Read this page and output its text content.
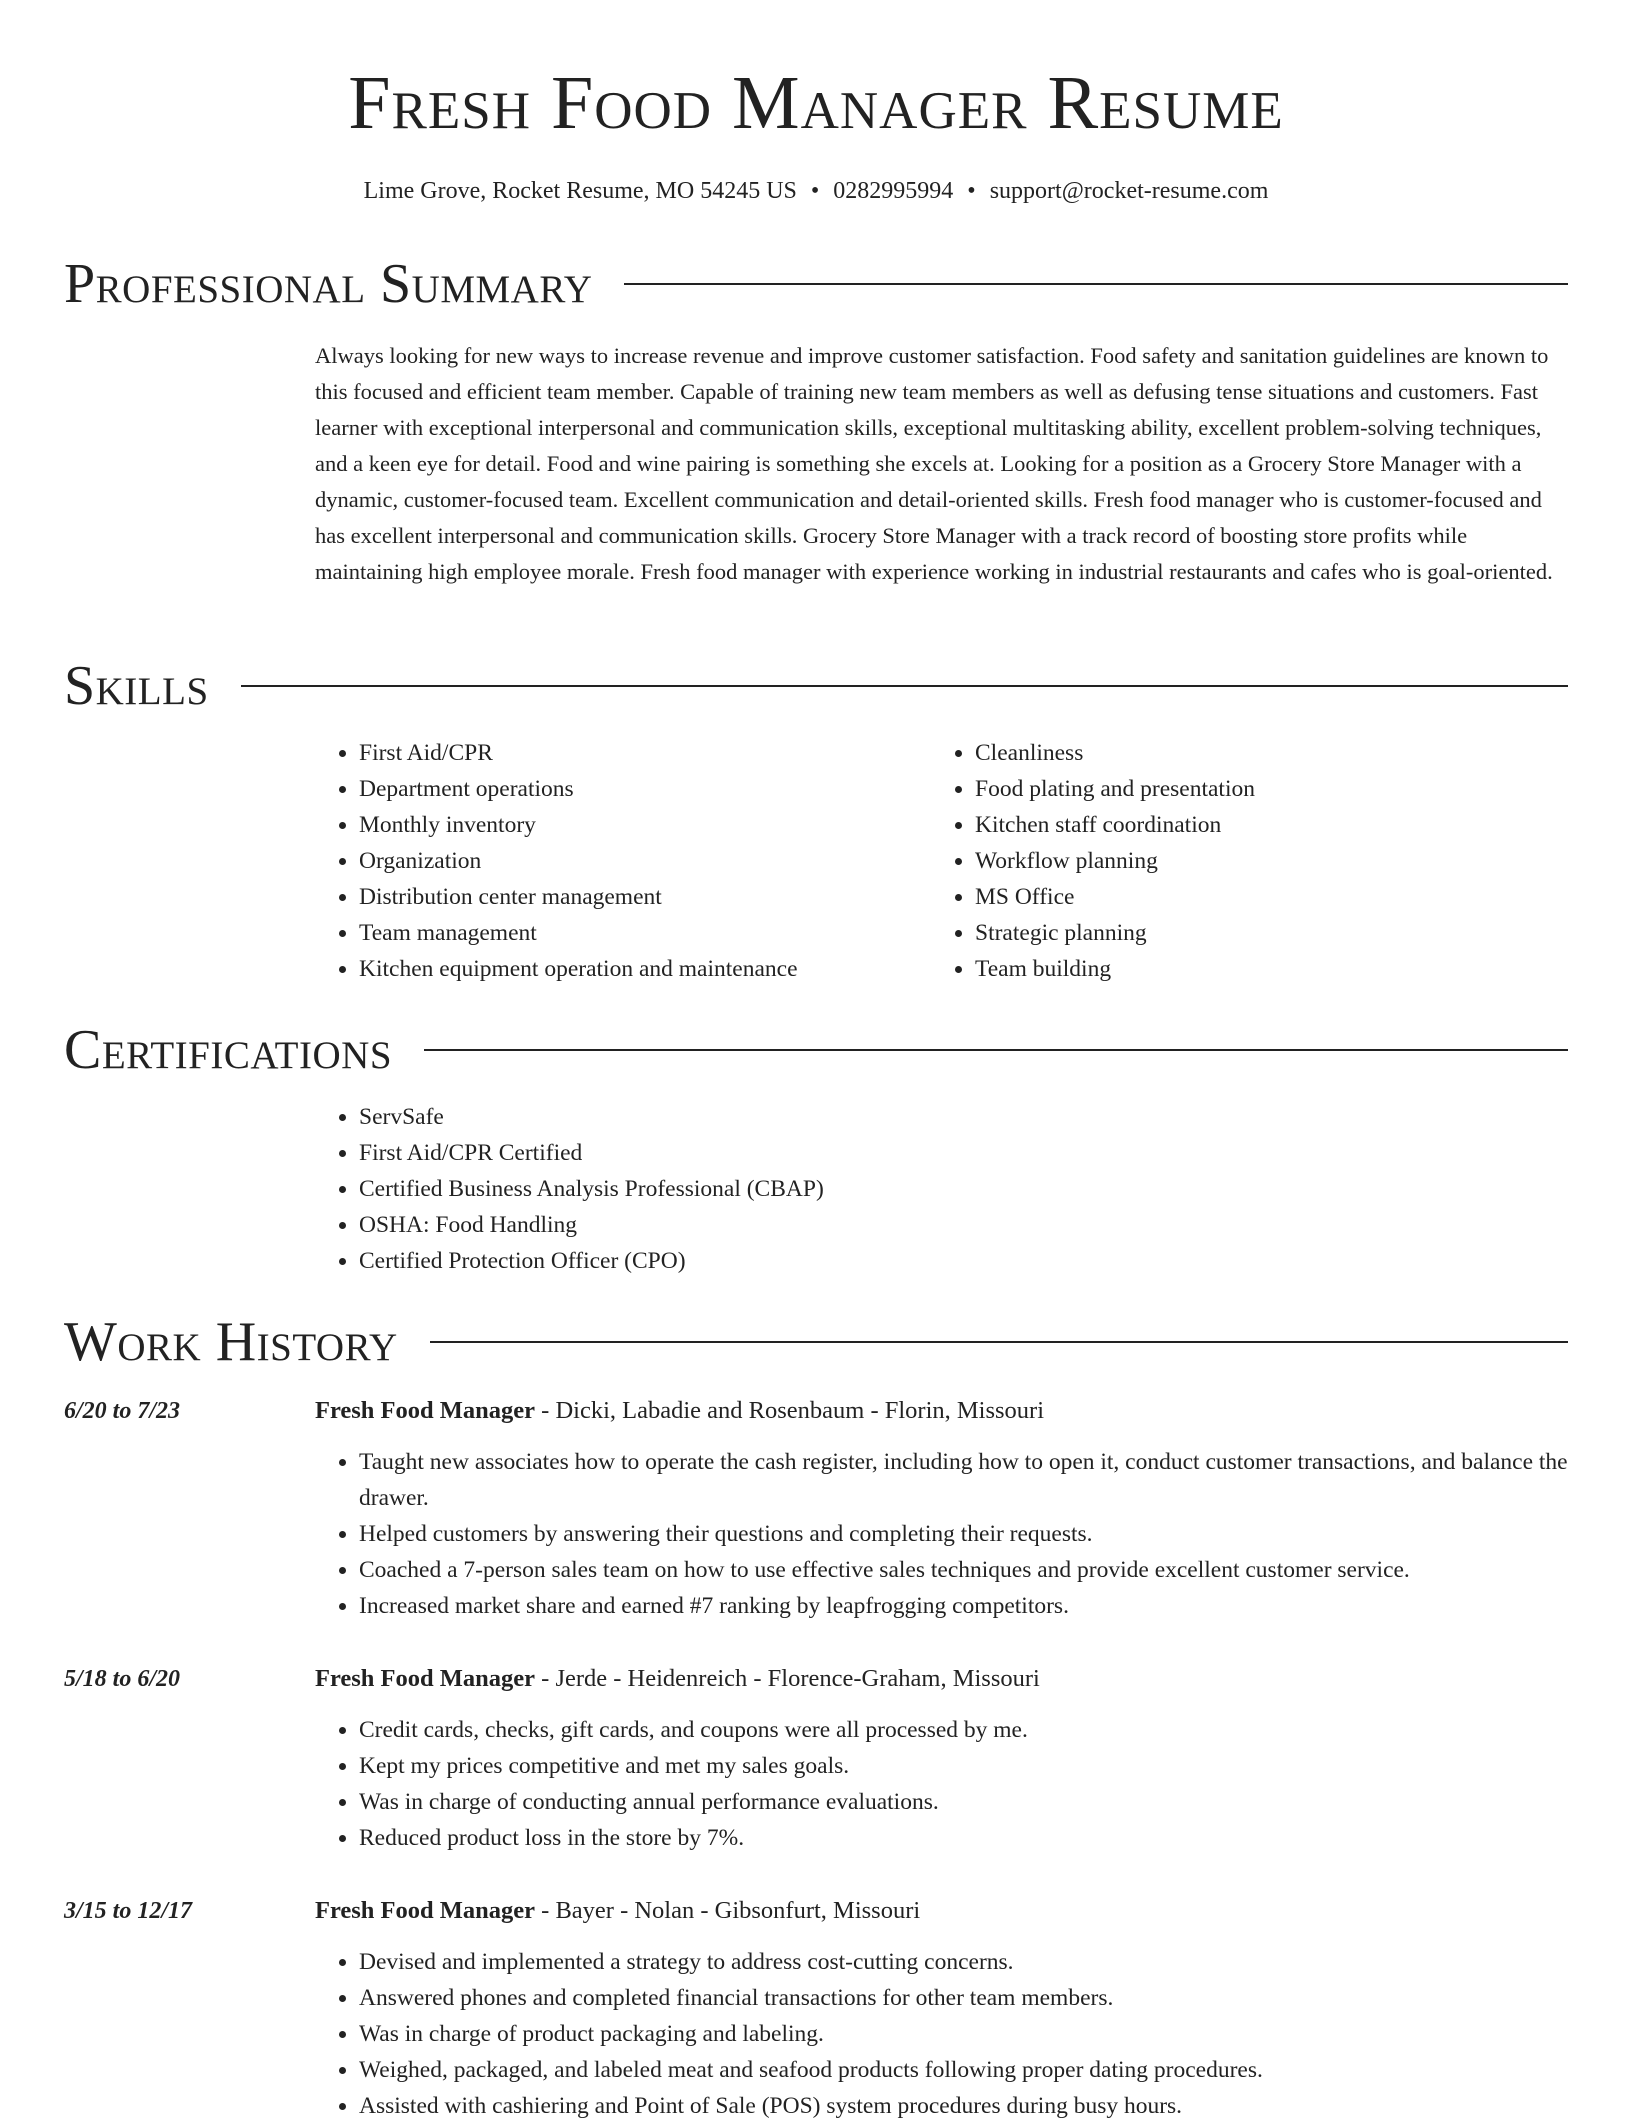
Fresh Food Manager Resume
Lime Grove, Rocket Resume, MO 54245 US • 0282995994 • support@rocket-resume.com
Professional Summary

Always looking for new ways to increase revenue and improve customer satisfaction. Food safety and sanitation guidelines are known to this focused and efficient team member. Capable of training new team members as well as defusing tense situations and customers. Fast learner with exceptional interpersonal and communication skills, exceptional multitasking ability, excellent problem-solving techniques, and a keen eye for detail. Food and wine pairing is something she excels at. Looking for a position as a Grocery Store Manager with a dynamic, customer-focused team. Excellent communication and detail-oriented skills. Fresh food manager who is customer-focused and has excellent interpersonal and communication skills. Grocery Store Manager with a track record of boosting store profits while maintaining high employee morale. Fresh food manager with experience working in industrial restaurants and cafes who is goal-oriented.

Skills
• First Aid/CPR
• Department operations
• Monthly inventory
• Organization
• Distribution center management
• Team management
• Kitchen equipment operation and maintenance
• Cleanliness
• Food plating and presentation
• Kitchen staff coordination
• Workflow planning
• MS Office
• Strategic planning
• Team building
Certifications
• ServSafe
• First Aid/CPR Certified
• Certified Business Analysis Professional (CBAP)
• OSHA: Food Handling
• Certified Protection Officer (CPO)
Work History
6/20 to 7/23	Fresh Food Manager - Dicki, Labadie and Rosenbaum - Florin, Missouri
• Taught new associates how to operate the cash register, including how to open it, conduct customer transactions, and balance the drawer.
• Helped customers by answering their questions and completing their requests.
• Coached a 7-person sales team on how to use effective sales techniques and provide excellent customer service.
• Increased market share and earned #7 ranking by leapfrogging competitors.
5/18 to 6/20	Fresh Food Manager - Jerde - Heidenreich - Florence-Graham, Missouri
• Credit cards, checks, gift cards, and coupons were all processed by me.
• Kept my prices competitive and met my sales goals.
• Was in charge of conducting annual performance evaluations.
• Reduced product loss in the store by 7%.
3/15 to 12/17	Fresh Food Manager - Bayer - Nolan - Gibsonfurt, Missouri
• Devised and implemented a strategy to address cost-cutting concerns.
• Answered phones and completed financial transactions for other team members.
• Was in charge of product packaging and labeling.
• Weighed, packaged, and labeled meat and seafood products following proper dating procedures.
• Assisted with cashiering and Point of Sale (POS) system procedures during busy hours.
